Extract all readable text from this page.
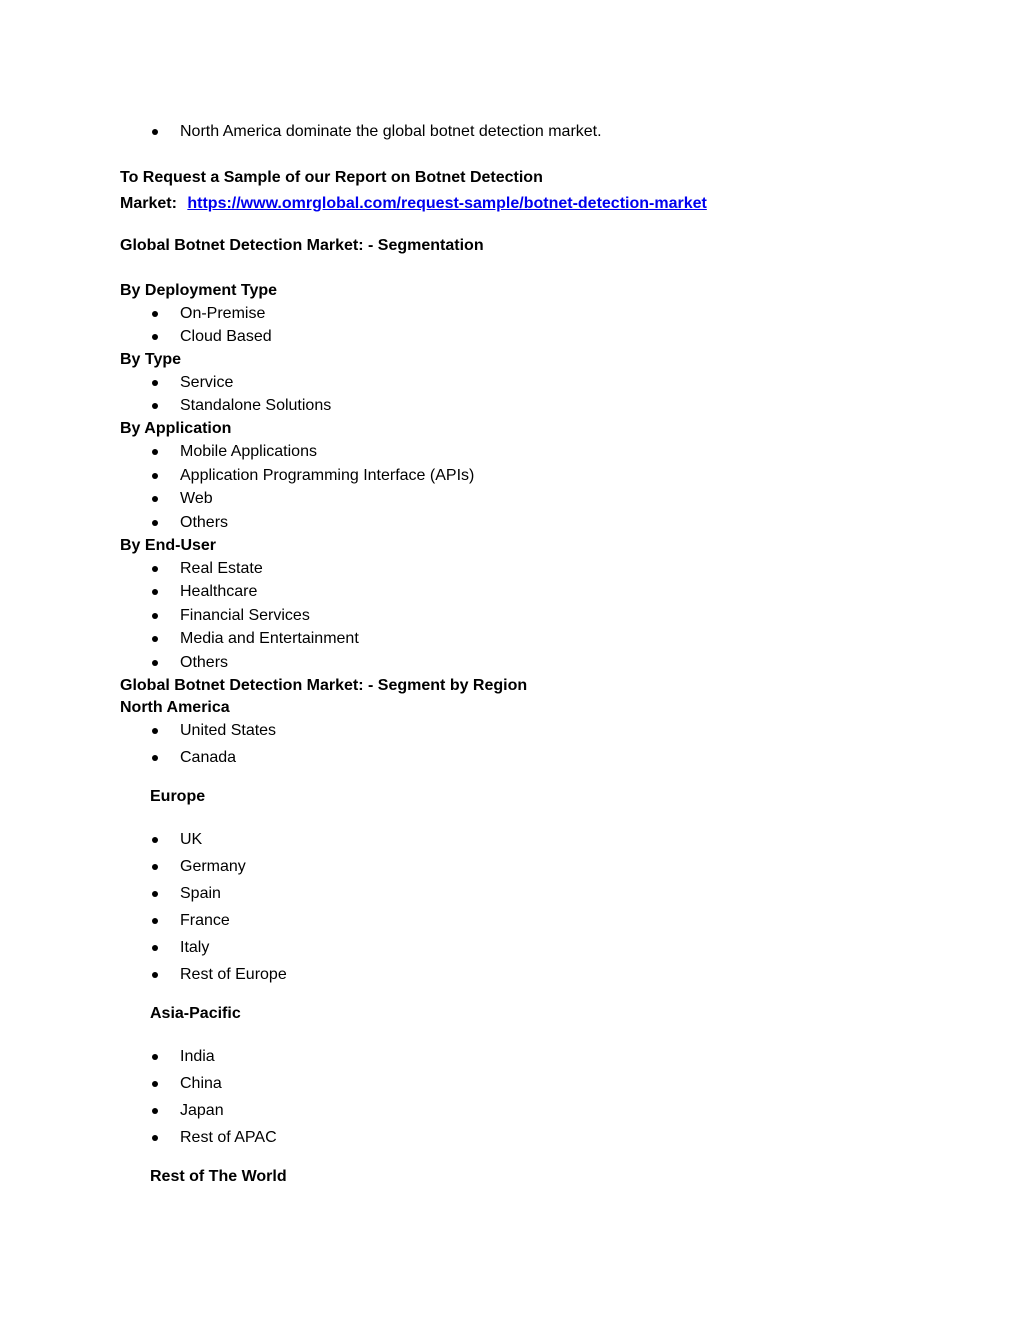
North America dominate the global botnet detection market.
To Request a Sample of our Report on Botnet Detection
Market: https://www.omrglobal.com/request-sample/botnet-detection-market
Global Botnet Detection Market: - Segmentation
By Deployment Type
On-Premise
Cloud Based
By Type
Service
Standalone Solutions
By Application
Mobile Applications
Application Programming Interface (APIs)
Web
Others
By End-User
Real Estate
Healthcare
Financial Services
Media and Entertainment
Others
Global Botnet Detection Market: - Segment by Region
North America
United States
Canada
Europe
UK
Germany
Spain
France
Italy
Rest of Europe
Asia-Pacific
India
China
Japan
Rest of APAC
Rest of The World
